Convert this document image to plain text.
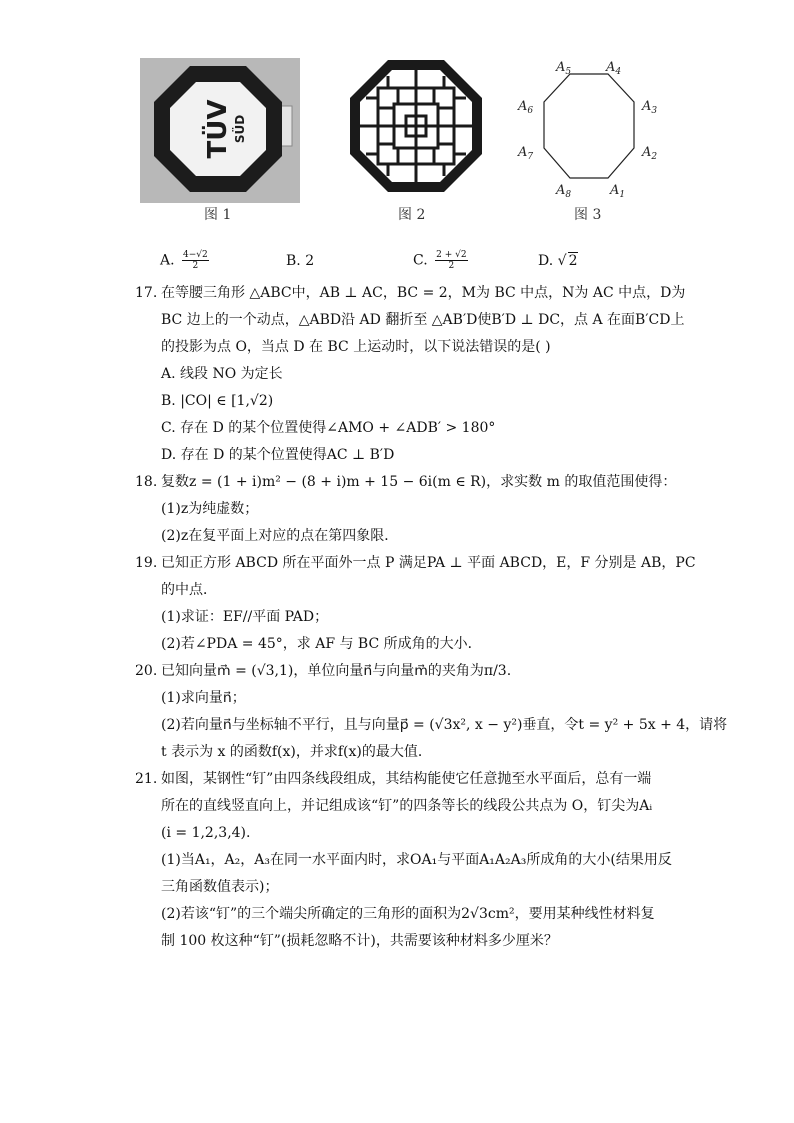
TÜV SÜD
图 1	图 2
$A_1$
$A_2$
$A_3$
$A_4$
$A_5$
$A_6$
$A_7$
$A_8$
图 3
A. $\frac{4-√2}{2}$	B. 2	C. $\frac{2 + √2}{2}$	D. √ 2
17. 在等腰三角形 △ABC中，AB ⊥ AC，BC = 2，M为 BC 中点，N为 AC 中点，D为
BC 边上的一个动点，△ABD沿 AD 翻折至 △AB′D使B′D ⊥ DC，点 A 在面B′CD上
的投影为点 O，当点 D 在 BC 上运动时，以下说法错误的是( )
A. 线段 NO 为定长
B. |CO| ∈ [1,√2)
C. 存在 D 的某个位置使得∠AMO + ∠ADB′ > 180°
D. 存在 D 的某个位置使得AC ⊥ B′D
18. 复数z = (1 + i)m² − (8 + i)m + 15 − 6i(m ∈ R)，求实数 m 的取值范围使得：
(1)z为纯虚数；
(2)z在复平面上对应的点在第四象限．
19. 已知正方形 ABCD 所在平面外一点 P 满足PA ⊥ 平面 ABCD，E，F 分别是 AB，PC
的中点．
(1)求证：EF//平面 PAD；
(2)若∠PDA = 45°，求 AF 与 BC 所成角的大小．
20. 已知向量m⃗ = (√3,1)，单位向量n⃗与向量m⃗的夹角为π/3.
(1)求向量n⃗；
(2)若向量n⃗与坐标轴不平行，且与向量p⃗ = (√3x², x − y²)垂直，令t = y² + 5x + 4，请将
t 表示为 x 的函数f(x)，并求f(x)的最大值．
21. 如图，某钢性“钉”由四条线段组成，其结构能使它任意抛至水平面后，总有一端
所在的直线竖直向上，并记组成该“钉”的四条等长的线段公共点为 O，钉尖为Aᵢ
(i = 1,2,3,4).
(1)当A₁，A₂，A₃在同一水平面内时，求OA₁与平面A₁A₂A₃所成角的大小(结果用反
三角函数值表示)；
(2)若该“钉”的三个端尖所确定的三角形的面积为2√3cm²，要用某种线性材料复
制 100 枚这种“钉”(损耗忽略不计)，共需要该种材料多少厘米？
